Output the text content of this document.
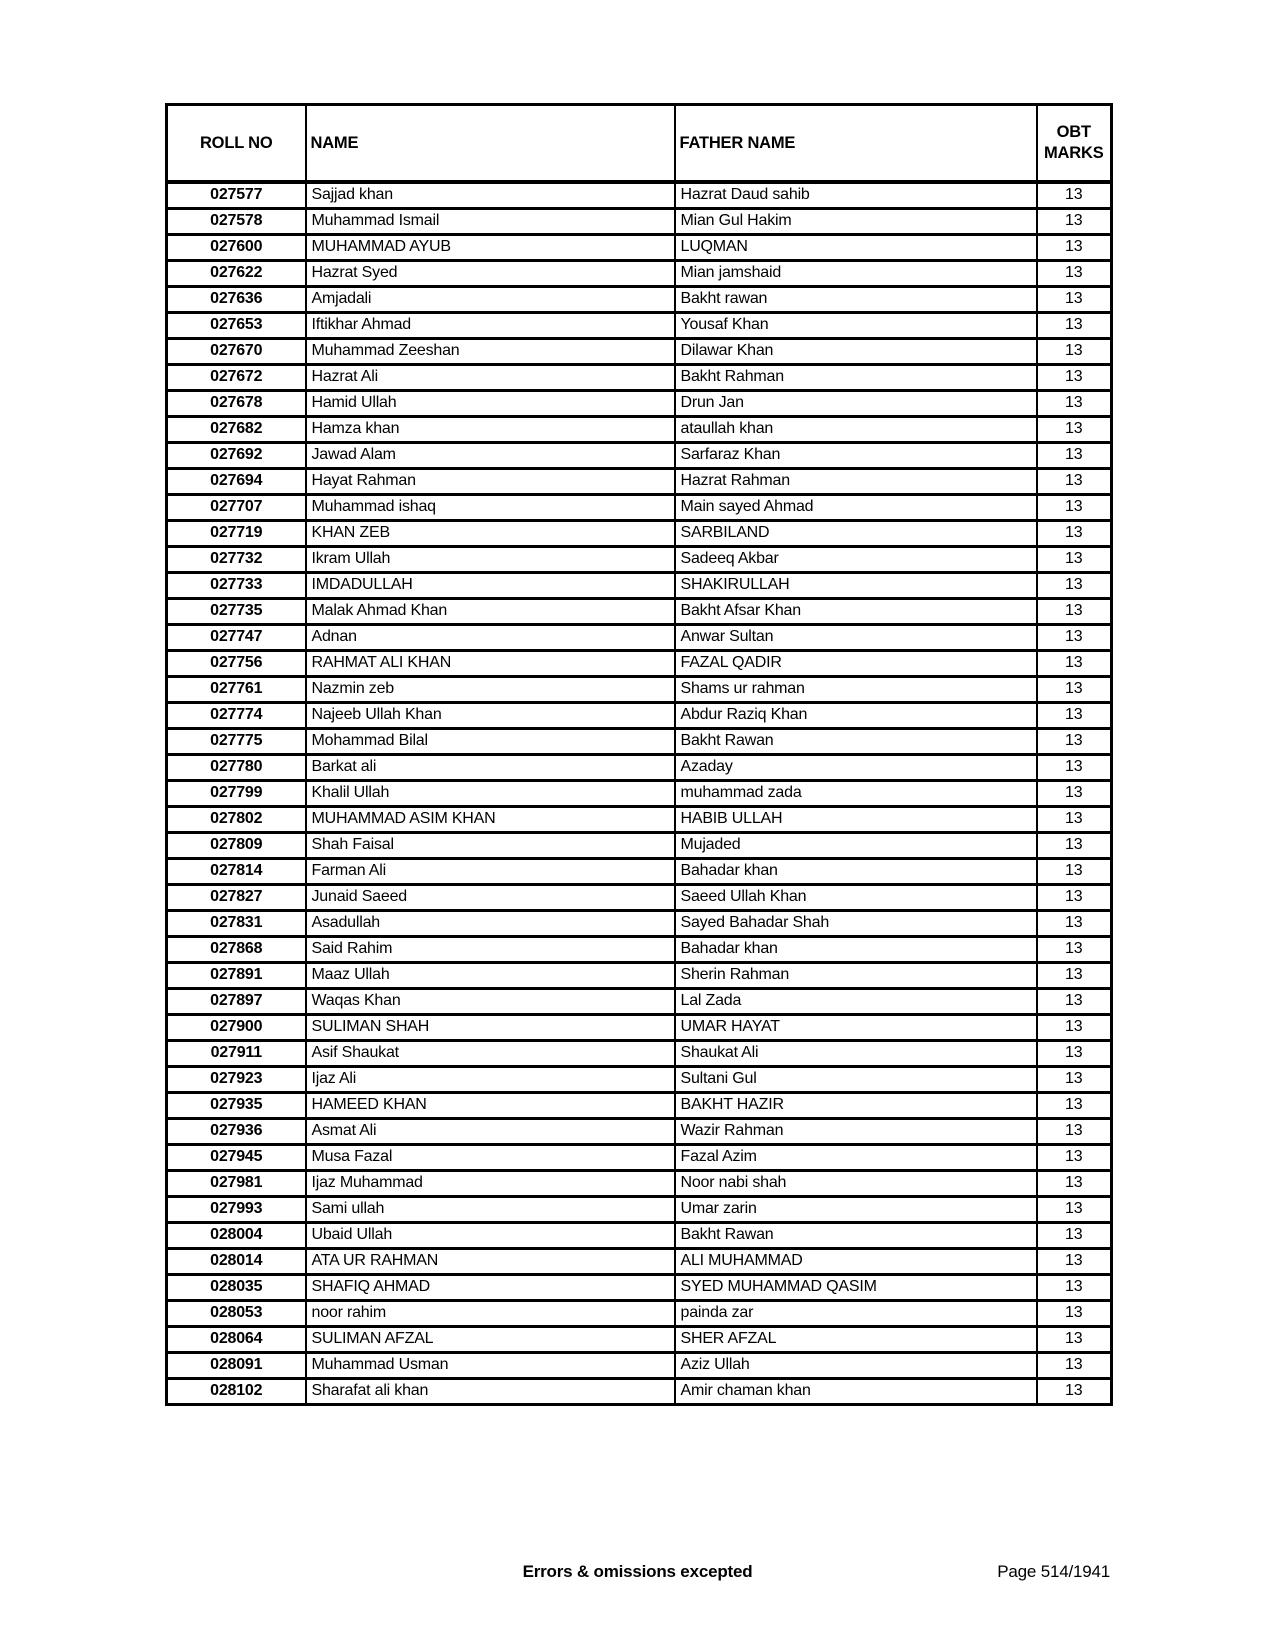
ROLL NO	NAME	FATHER NAME	OBT MARKS
027577	Sajjad khan	Hazrat Daud sahib	13
027578	Muhammad Ismail	Mian Gul Hakim	13
027600	MUHAMMAD AYUB	LUQMAN	13
027622	Hazrat Syed	Mian jamshaid	13
027636	Amjadali	Bakht rawan	13
027653	Iftikhar Ahmad	Yousaf Khan	13
027670	Muhammad Zeeshan	Dilawar Khan	13
027672	Hazrat Ali	Bakht Rahman	13
027678	Hamid Ullah	Drun Jan	13
027682	Hamza khan	ataullah khan	13
027692	Jawad Alam	Sarfaraz Khan	13
027694	Hayat Rahman	Hazrat Rahman	13
027707	Muhammad ishaq	Main sayed Ahmad	13
027719	KHAN ZEB	SARBILAND	13
027732	Ikram Ullah	Sadeeq Akbar	13
027733	IMDADULLAH	SHAKIRULLAH	13
027735	Malak Ahmad Khan	Bakht Afsar Khan	13
027747	Adnan	Anwar Sultan	13
027756	RAHMAT ALI KHAN	FAZAL QADIR	13
027761	Nazmin zeb	Shams ur rahman	13
027774	Najeeb Ullah Khan	Abdur Raziq Khan	13
027775	Mohammad Bilal	Bakht Rawan	13
027780	Barkat ali	Azaday	13
027799	Khalil Ullah	muhammad zada	13
027802	MUHAMMAD ASIM KHAN	HABIB ULLAH	13
027809	Shah Faisal	Mujaded	13
027814	Farman Ali	Bahadar khan	13
027827	Junaid Saeed	Saeed Ullah Khan	13
027831	Asadullah	Sayed Bahadar Shah	13
027868	Said Rahim	Bahadar khan	13
027891	Maaz Ullah	Sherin Rahman	13
027897	Waqas Khan	Lal Zada	13
027900	SULIMAN SHAH	UMAR HAYAT	13
027911	Asif Shaukat	Shaukat Ali	13
027923	Ijaz Ali	Sultani Gul	13
027935	HAMEED KHAN	BAKHT HAZIR	13
027936	Asmat Ali	Wazir Rahman	13
027945	Musa Fazal	Fazal Azim	13
027981	Ijaz Muhammad	Noor nabi shah	13
027993	Sami ullah	Umar zarin	13
028004	Ubaid Ullah	Bakht Rawan	13
028014	ATA UR RAHMAN	ALI MUHAMMAD	13
028035	SHAFIQ AHMAD	SYED MUHAMMAD QASIM	13
028053	noor rahim	painda zar	13
028064	SULIMAN AFZAL	SHER AFZAL	13
028091	Muhammad Usman	Aziz Ullah	13
028102	Sharafat ali khan	Amir chaman khan	13
Errors & omissions excepted	Page 514/1941
